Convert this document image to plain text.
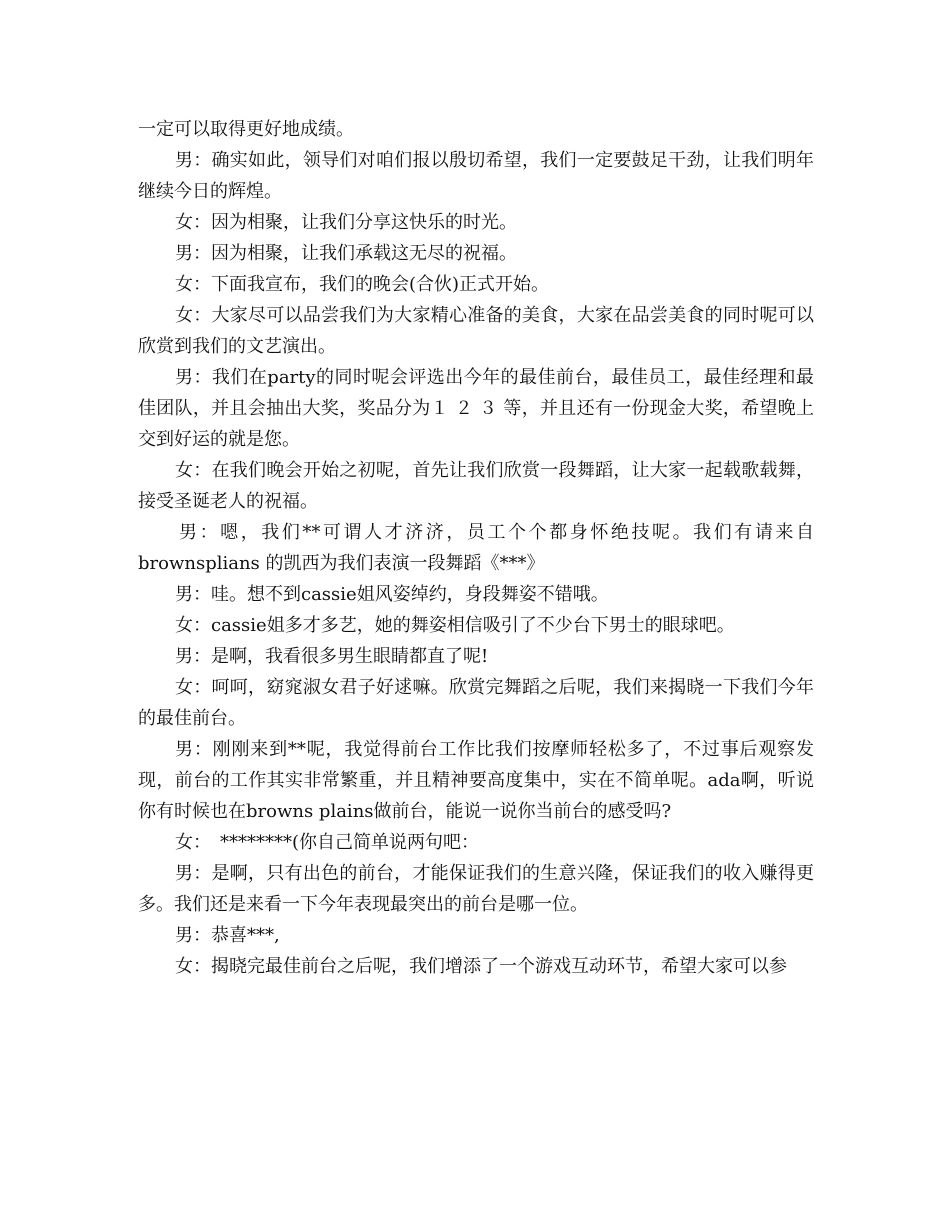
一定可以取得更好地成绩。

男：确实如此，领导们对咱们报以殷切希望，我们一定要鼓足干劲，让我们明年继续今日的辉煌。

女：因为相聚，让我们分享这快乐的时光。

男：因为相聚，让我们承载这无尽的祝福。

女：下面我宣布，我们的晚会(合伙)正式开始。

女：大家尽可以品尝我们为大家精心准备的美食，大家在品尝美食的同时呢可以欣赏到我们的文艺演出。

男：我们在party的同时呢会评选出今年的最佳前台，最佳员工，最佳经理和最佳团队，并且会抽出大奖，奖品分为１ ２ ３ 等，并且还有一份现金大奖，希望晚上交到好运的就是您。

女：在我们晚会开始之初呢，首先让我们欣赏一段舞蹈，让大家一起载歌载舞，接受圣诞老人的祝福。

男：嗯，我们**可谓人才济济，员工个个都身怀绝技呢。我们有请来自brownsplians 的凯西为我们表演一段舞蹈《***》

男：哇。想不到cassie姐风姿绰约，身段舞姿不错哦。

女：cassie姐多才多艺，她的舞姿相信吸引了不少台下男士的眼球吧。

男：是啊，我看很多男生眼睛都直了呢!

女：呵呵，窈窕淑女君子好逑嘛。欣赏完舞蹈之后呢，我们来揭晓一下我们今年的最佳前台。

男：刚刚来到**呢，我觉得前台工作比我们按摩师轻松多了，不过事后观察发现，前台的工作其实非常繁重，并且精神要高度集中，实在不简单呢。ada啊，听说你有时候也在browns plains做前台，能说一说你当前台的感受吗?

女：　********(你自己简单说两句吧：

男：是啊，只有出色的前台，才能保证我们的生意兴隆，保证我们的收入赚得更多。我们还是来看一下今年表现最突出的前台是哪一位。

男：恭喜***,

女：揭晓完最佳前台之后呢，我们增添了一个游戏互动环节，希望大家可以参
